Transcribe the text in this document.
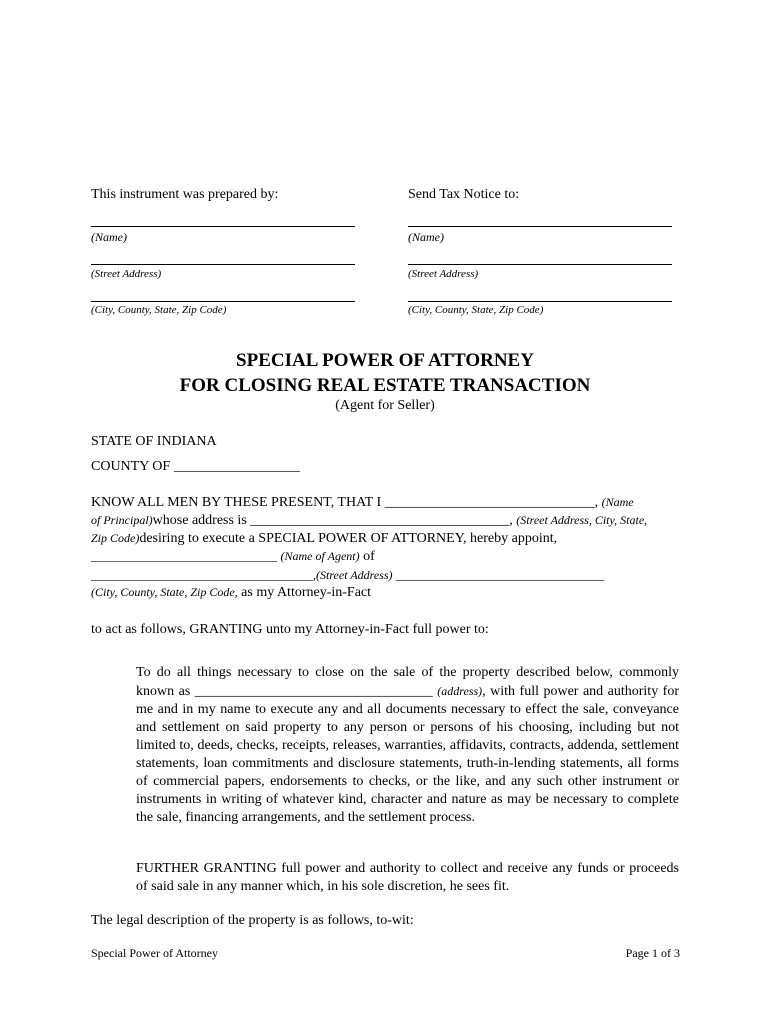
This instrument was prepared by:	Send Tax Notice to:
(Name)	(Name)
(Street Address)	(Street Address)
(City, County, State, Zip Code)	(City, County, State, Zip Code)
SPECIAL POWER OF ATTORNEY
FOR CLOSING REAL ESTATE TRANSACTION
(Agent for Seller)
STATE OF INDIANA
COUNTY OF __________________
KNOW ALL MEN BY THESE PRESENT, THAT I ______________________________, (Name
of Principal)whose address is _____________________________________, (Street Address, City, State,
Zip Code)desiring to execute a SPECIAL POWER OF ATTORNEY, hereby appoint,
_______________________________ (Name of Agent) of
_____________________________________,(Street Address) ________________________________
(City, County, State, Zip Code, as my Attorney-in-Fact
to act as follows, GRANTING unto my Attorney-in-Fact full power to:
To do all things necessary to close on the sale of the property described below, commonly known as __________________________________ (address), with full power and authority for me and in my name to execute any and all documents necessary to effect the sale, conveyance and settlement on said property to any person or persons of his choosing, including but not limited to, deeds, checks, receipts, releases, warranties, affidavits, contracts, addenda, settlement statements, loan commitments and disclosure statements, truth-in-lending statements, all forms of commercial papers, endorsements to checks, or the like, and any such other instrument or instruments in writing of whatever kind, character and nature as may be necessary to complete the sale, financing arrangements, and the settlement process.
FURTHER GRANTING full power and authority to collect and receive any funds or proceeds of said sale in any manner which, in his sole discretion, he sees fit.
The legal description of the property is as follows, to-wit:
Special Power of Attorney	Page 1 of 3
